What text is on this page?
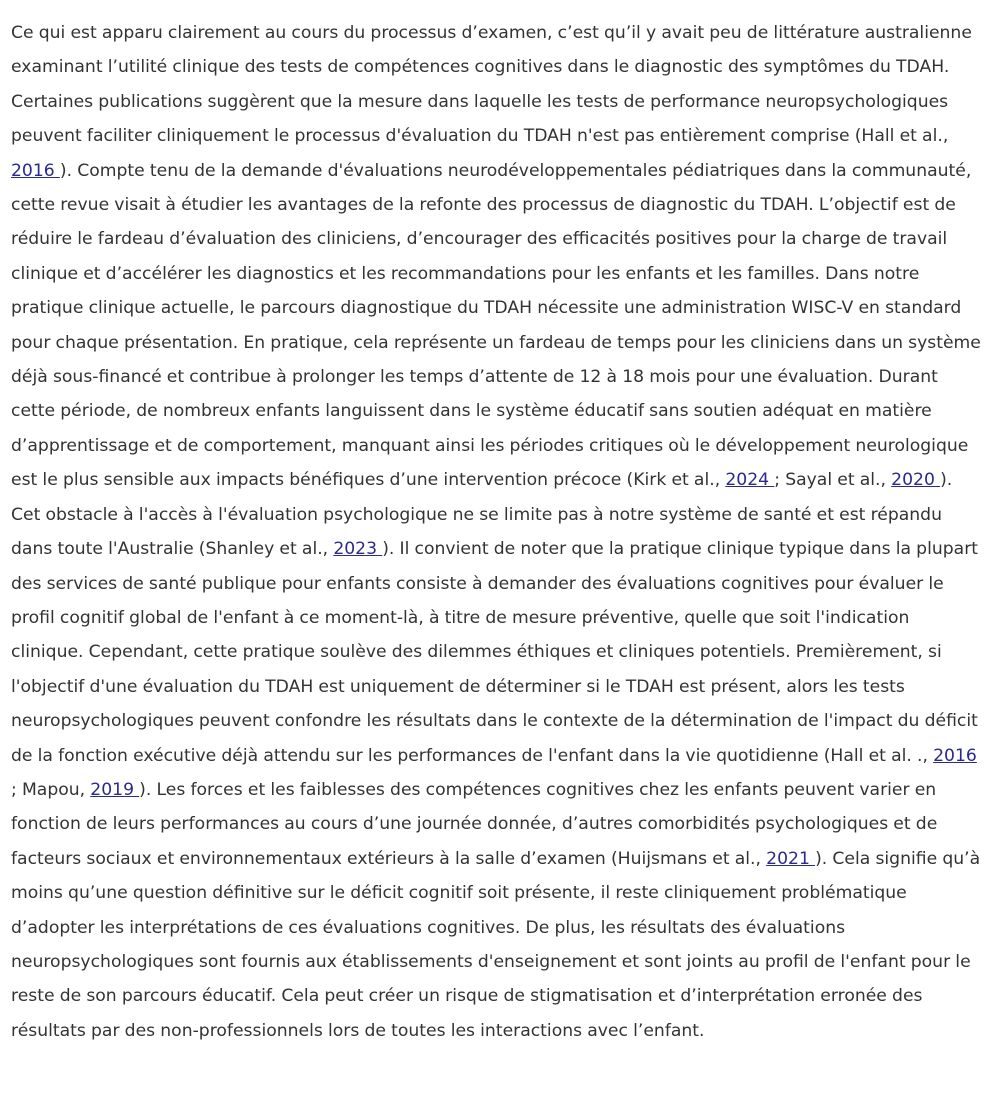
Ce qui est apparu clairement au cours du processus d’examen, c’est qu’il y avait peu de littérature australienne examinant l’utilité clinique des tests de compétences cognitives dans le diagnostic des symptômes du TDAH. Certaines publications suggèrent que la mesure dans laquelle les tests de performance neuropsychologiques peuvent faciliter cliniquement le processus d'évaluation du TDAH n'est pas entièrement comprise (Hall et al., 2016 ). Compte tenu de la demande d'évaluations neurodéveloppementales pédiatriques dans la communauté, cette revue visait à étudier les avantages de la refonte des processus de diagnostic du TDAH. L’objectif est de réduire le fardeau d’évaluation des cliniciens, d’encourager des efficacités positives pour la charge de travail clinique et d’accélérer les diagnostics et les recommandations pour les enfants et les familles. Dans notre pratique clinique actuelle, le parcours diagnostique du TDAH nécessite une administration WISC-V en standard pour chaque présentation. En pratique, cela représente un fardeau de temps pour les cliniciens dans un système déjà sous-financé et contribue à prolonger les temps d’attente de 12 à 18 mois pour une évaluation. Durant cette période, de nombreux enfants languissent dans le système éducatif sans soutien adéquat en matière d’apprentissage et de comportement, manquant ainsi les périodes critiques où le développement neurologique est le plus sensible aux impacts bénéfiques d’une intervention précoce (Kirk et al., 2024 ; Sayal et al., 2020 ). Cet obstacle à l'accès à l'évaluation psychologique ne se limite pas à notre système de santé et est répandu dans toute l'Australie (Shanley et al., 2023 ). Il convient de noter que la pratique clinique typique dans la plupart des services de santé publique pour enfants consiste à demander des évaluations cognitives pour évaluer le profil cognitif global de l'enfant à ce moment-là, à titre de mesure préventive, quelle que soit l'indication clinique. Cependant, cette pratique soulève des dilemmes éthiques et cliniques potentiels. Premièrement, si l'objectif d'une évaluation du TDAH est uniquement de déterminer si le TDAH est présent, alors les tests neuropsychologiques peuvent confondre les résultats dans le contexte de la détermination de l'impact du déficit de la fonction exécutive déjà attendu sur les performances de l'enfant dans la vie quotidienne (Hall et al. ., 2016 ; Mapou, 2019 ). Les forces et les faiblesses des compétences cognitives chez les enfants peuvent varier en fonction de leurs performances au cours d’une journée donnée, d’autres comorbidités psychologiques et de facteurs sociaux et environnementaux extérieurs à la salle d’examen (Huijsmans et al., 2021 ). Cela signifie qu’à moins qu’une question définitive sur le déficit cognitif soit présente, il reste cliniquement problématique d’adopter les interprétations de ces évaluations cognitives. De plus, les résultats des évaluations neuropsychologiques sont fournis aux établissements d'enseignement et sont joints au profil de l'enfant pour le reste de son parcours éducatif. Cela peut créer un risque de stigmatisation et d’interprétation erronée des résultats par des non-professionnels lors de toutes les interactions avec l’enfant.
